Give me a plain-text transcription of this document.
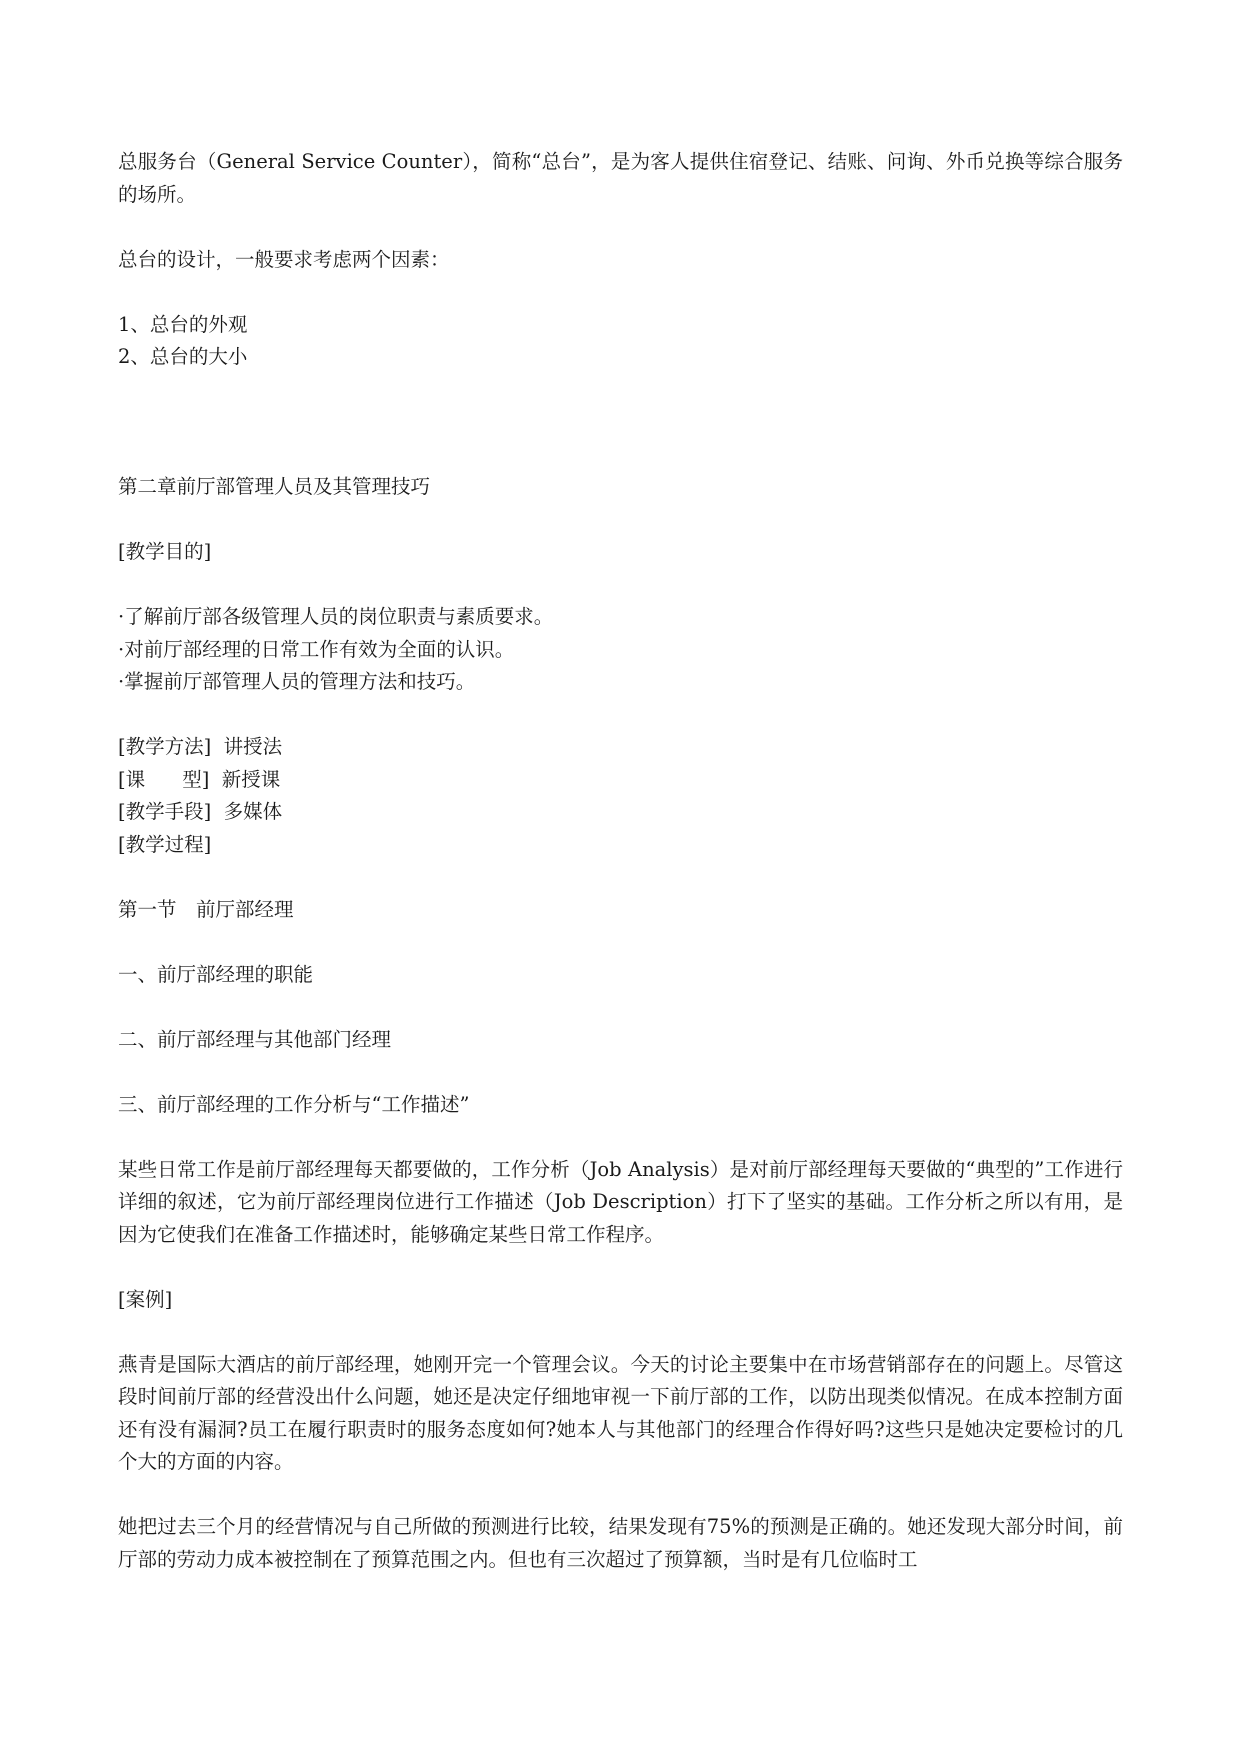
总服务台（General Service Counter），简称“总台”，是为客人提供住宿登记、结账、问询、外币兑换等综合服务的场所。

总台的设计，一般要求考虑两个因素：

1、总台的外观
2、总台的大小

第二章前厅部管理人员及其管理技巧

[教学目的]

·了解前厅部各级管理人员的岗位职责与素质要求。
·对前厅部经理的日常工作有效为全面的认识。
·掌握前厅部管理人员的管理方法和技巧。
[教学方法]  讲授法
[课      型]  新授课
[教学手段]  多媒体
[教学过程]

第一节　前厅部经理

一、前厅部经理的职能

二、前厅部经理与其他部门经理

三、前厅部经理的工作分析与“工作描述”

某些日常工作是前厅部经理每天都要做的，工作分析（Job Analysis）是对前厅部经理每天要做的“典型的”工作进行详细的叙述，它为前厅部经理岗位进行工作描述（Job Description）打下了坚实的基础。工作分析之所以有用，是因为它使我们在准备工作描述时，能够确定某些日常工作程序。

[案例]

燕青是国际大酒店的前厅部经理，她刚开完一个管理会议。今天的讨论主要集中在市场营销部存在的问题上。尽管这段时间前厅部的经营没出什么问题，她还是决定仔细地审视一下前厅部的工作，以防出现类似情况。在成本控制方面还有没有漏洞?员工在履行职责时的服务态度如何?她本人与其他部门的经理合作得好吗?这些只是她决定要检讨的几个大的方面的内容。

她把过去三个月的经营情况与自己所做的预测进行比较，结果发现有75%的预测是正确的。她还发现大部分时间，前厅部的劳动力成本被控制在了预算范围之内。但也有三次超过了预算额，当时是有几位临时工
